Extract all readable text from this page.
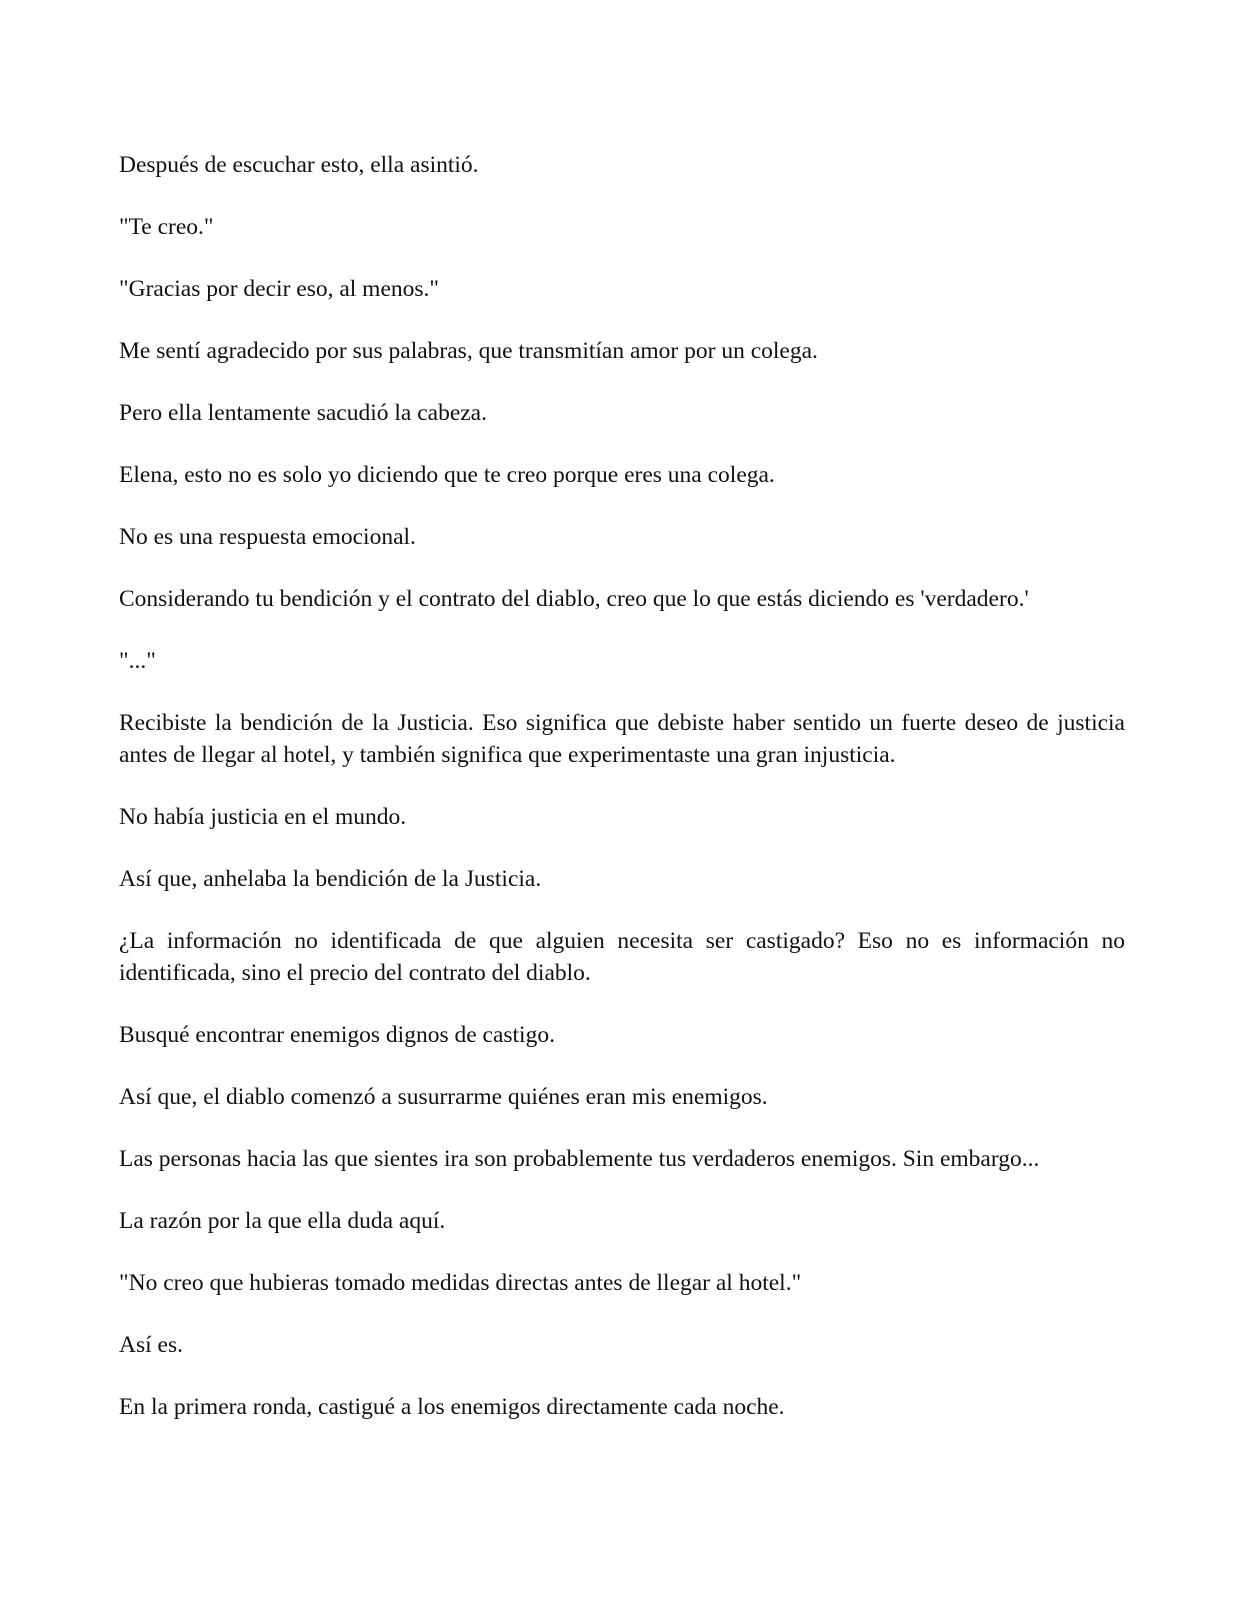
Después de escuchar esto, ella asintió.

"Te creo."

"Gracias por decir eso, al menos."

Me sentí agradecido por sus palabras, que transmitían amor por un colega.

Pero ella lentamente sacudió la cabeza.

Elena, esto no es solo yo diciendo que te creo porque eres una colega.

No es una respuesta emocional.

Considerando tu bendición y el contrato del diablo, creo que lo que estás diciendo es 'verdadero.'

"..."

Recibiste la bendición de la Justicia. Eso significa que debiste haber sentido un fuerte deseo de justicia antes de llegar al hotel, y también significa que experimentaste una gran injusticia.

No había justicia en el mundo.

Así que, anhelaba la bendición de la Justicia.

¿La información no identificada de que alguien necesita ser castigado? Eso no es información no identificada, sino el precio del contrato del diablo.

Busqué encontrar enemigos dignos de castigo.

Así que, el diablo comenzó a susurrarme quiénes eran mis enemigos.

Las personas hacia las que sientes ira son probablemente tus verdaderos enemigos. Sin embargo...

La razón por la que ella duda aquí.

"No creo que hubieras tomado medidas directas antes de llegar al hotel."

Así es.

En la primera ronda, castigué a los enemigos directamente cada noche.
